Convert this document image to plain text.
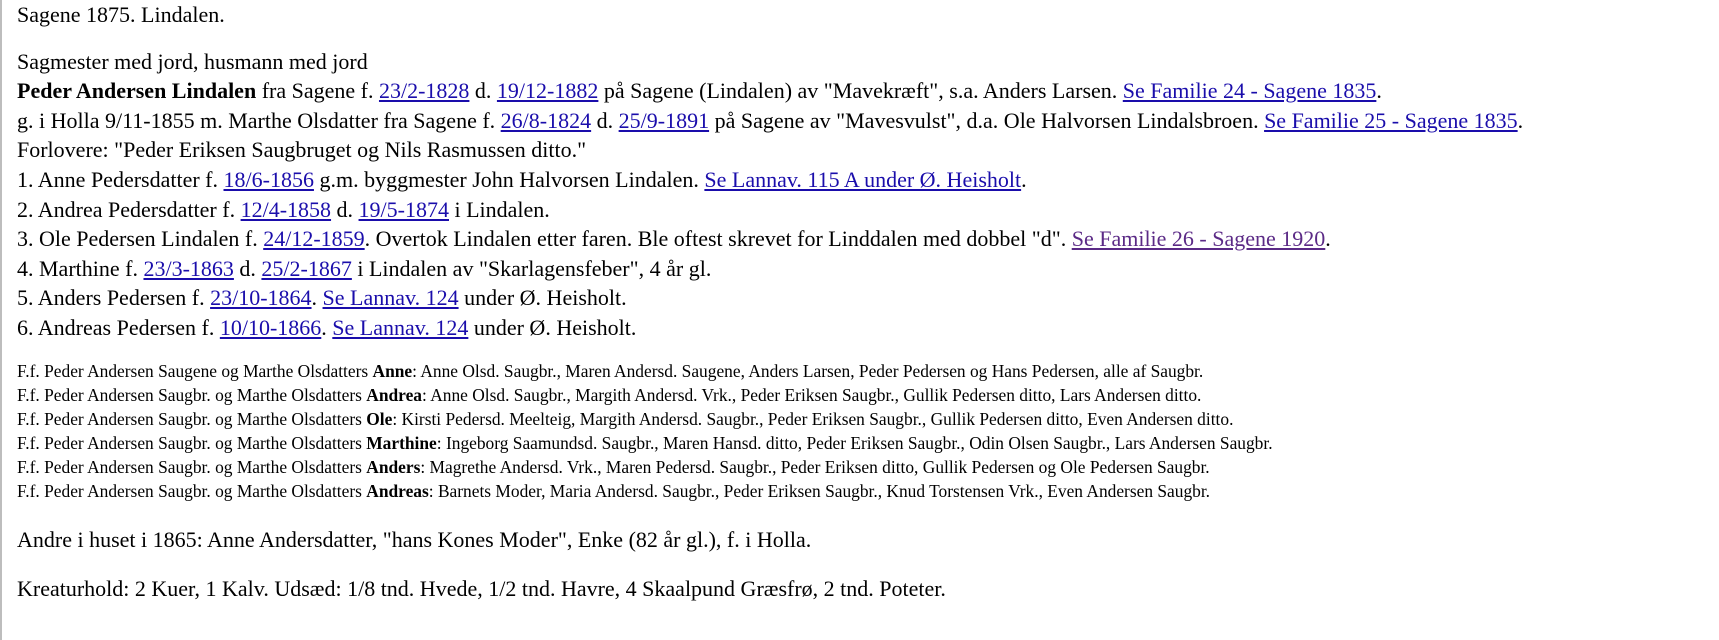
Sagene 1875. Lindalen.
Sagmester med jord, husmann med jord
Peder Andersen Lindalen fra Sagene f. 23/2-1828 d. 19/12-1882 på Sagene (Lindalen) av "Mavekræft", s.a. Anders Larsen. Se Familie 24 - Sagene 1835.
g. i Holla 9/11-1855 m. Marthe Olsdatter fra Sagene f. 26/8-1824 d. 25/9-1891 på Sagene av "Mavesvulst", d.a. Ole Halvorsen Lindalsbroen. Se Familie 25 - Sagene 1835.
Forlovere: "Peder Eriksen Saugbruget og Nils Rasmussen ditto."
1. Anne Pedersdatter f. 18/6-1856 g.m. byggmester John Halvorsen Lindalen. Se Lannav. 115 A under Ø. Heisholt.
2. Andrea Pedersdatter f. 12/4-1858 d. 19/5-1874 i Lindalen.
3. Ole Pedersen Lindalen f. 24/12-1859. Overtok Lindalen etter faren. Ble oftest skrevet for Linddalen med dobbel "d". Se Familie 26 - Sagene 1920.
4. Marthine f. 23/3-1863 d. 25/2-1867 i Lindalen av "Skarlagensfeber", 4 år gl.
5. Anders Pedersen f. 23/10-1864. Se Lannav. 124 under Ø. Heisholt.
6. Andreas Pedersen f. 10/10-1866. Se Lannav. 124 under Ø. Heisholt.
F.f. Peder Andersen Saugene og Marthe Olsdatters Anne: Anne Olsd. Saugbr., Maren Andersd. Saugene, Anders Larsen, Peder Pedersen og Hans Pedersen, alle af Saugbr.
F.f. Peder Andersen Saugbr. og Marthe Olsdatters Andrea: Anne Olsd. Saugbr., Margith Andersd. Vrk., Peder Eriksen Saugbr., Gullik Pedersen ditto, Lars Andersen ditto.
F.f. Peder Andersen Saugbr. og Marthe Olsdatters Ole: Kirsti Pedersd. Meelteig, Margith Andersd. Saugbr., Peder Eriksen Saugbr., Gullik Pedersen ditto, Even Andersen ditto.
F.f. Peder Andersen Saugbr. og Marthe Olsdatters Marthine: Ingeborg Saamundsd. Saugbr., Maren Hansd. ditto, Peder Eriksen Saugbr., Odin Olsen Saugbr., Lars Andersen Saugbr.
F.f. Peder Andersen Saugbr. og Marthe Olsdatters Anders: Magrethe Andersd. Vrk., Maren Pedersd. Saugbr., Peder Eriksen ditto, Gullik Pedersen og Ole Pedersen Saugbr.
F.f. Peder Andersen Saugbr. og Marthe Olsdatters Andreas: Barnets Moder, Maria Andersd. Saugbr., Peder Eriksen Saugbr., Knud Torstensen Vrk., Even Andersen Saugbr.
Andre i huset i 1865: Anne Andersdatter, "hans Kones Moder", Enke (82 år gl.), f. i Holla.
Kreaturhold: 2 Kuer, 1 Kalv. Udsæd: 1/8 tnd. Hvede, 1/2 tnd. Havre, 4 Skaalpund Græsfrø, 2 tnd. Poteter.
